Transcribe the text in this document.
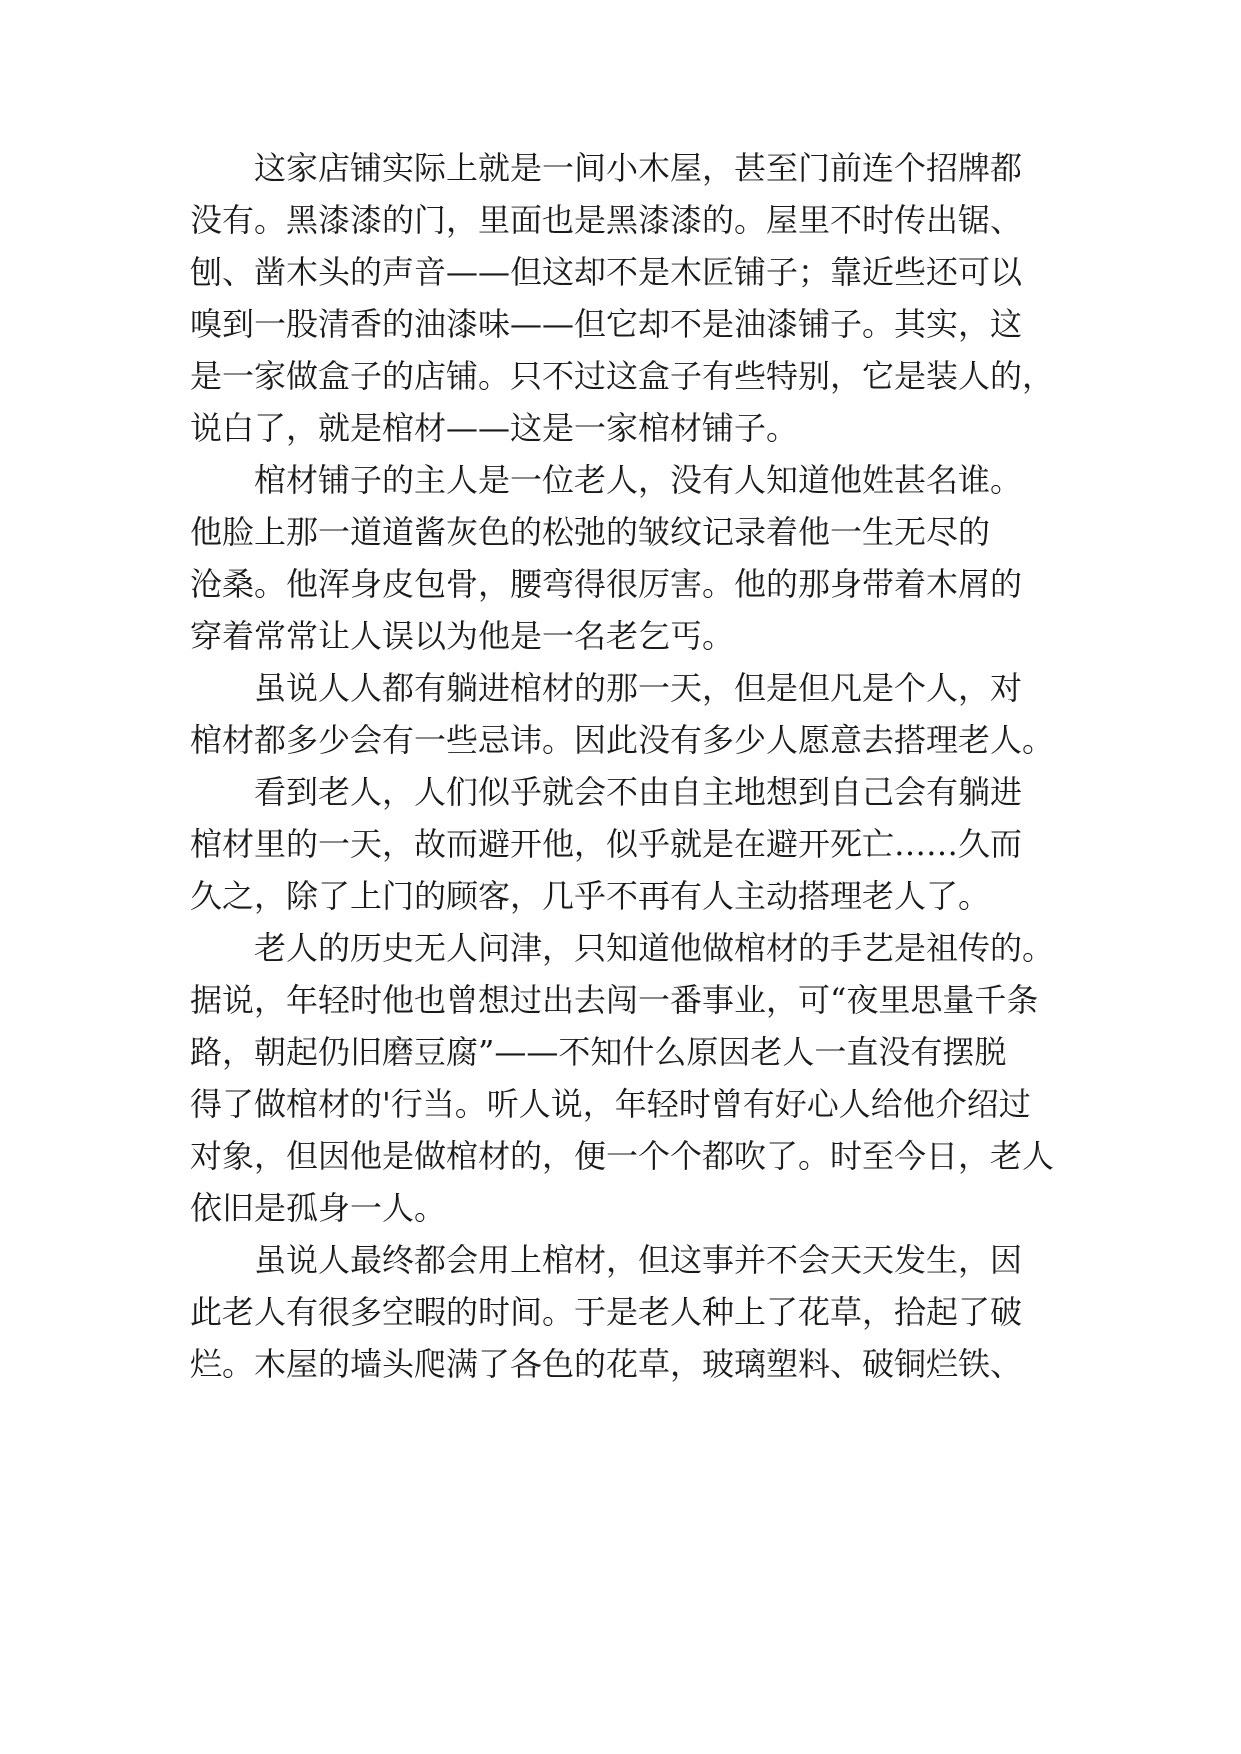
　　这家店铺实际上就是一间小木屋，甚至门前连个招牌都
没有。黑漆漆的门，里面也是黑漆漆的。屋里不时传出锯、
刨、凿木头的声音——但这却不是木匠铺子；靠近些还可以
嗅到一股清香的油漆味——但它却不是油漆铺子。其实，这
是一家做盒子的店铺。只不过这盒子有些特别，它是装人的，
说白了，就是棺材——这是一家棺材铺子。
　　棺材铺子的主人是一位老人，没有人知道他姓甚名谁。
他脸上那一道道酱灰色的松弛的皱纹记录着他一生无尽的
沧桑。他浑身皮包骨，腰弯得很厉害。他的那身带着木屑的
穿着常常让人误以为他是一名老乞丐。
　　虽说人人都有躺进棺材的那一天，但是但凡是个人，对
棺材都多少会有一些忌讳。因此没有多少人愿意去搭理老人。
　　看到老人，人们似乎就会不由自主地想到自己会有躺进
棺材里的一天，故而避开他，似乎就是在避开死亡……久而
久之，除了上门的顾客，几乎不再有人主动搭理老人了。
　　老人的历史无人问津，只知道他做棺材的手艺是祖传的。
据说，年轻时他也曾想过出去闯一番事业，可“夜里思量千条
路，朝起仍旧磨豆腐”——不知什么原因老人一直没有摆脱
得了做棺材的'行当。听人说，年轻时曾有好心人给他介绍过
对象，但因他是做棺材的，便一个个都吹了。时至今日，老人
依旧是孤身一人。
　　虽说人最终都会用上棺材，但这事并不会天天发生，因
此老人有很多空暇的时间。于是老人种上了花草，拾起了破
烂。木屋的墙头爬满了各色的花草，玻璃塑料、破铜烂铁、
